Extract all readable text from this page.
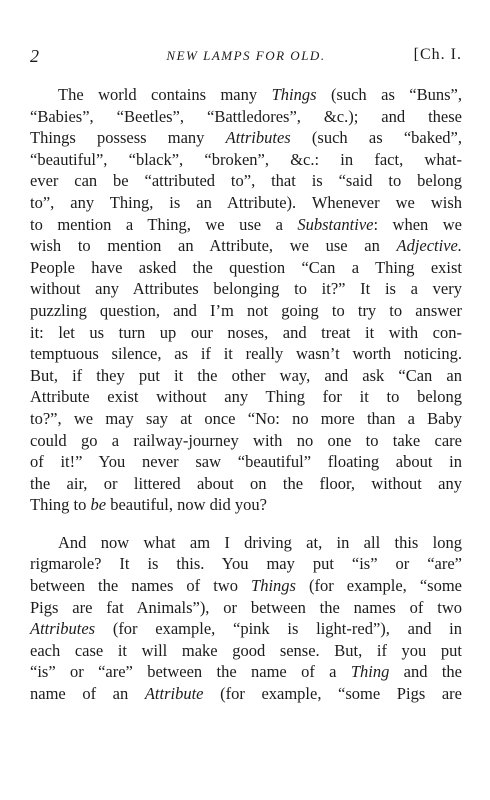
2	NEW LAMPS FOR OLD.	[Ch. I.
The world contains many Things (such as “Buns”,
“Babies”, “Beetles”, “Battledores”, &c.); and these
Things possess many Attributes (such as “baked”,
“beautiful”, “black”, “broken”, &c.: in fact, what-
ever can be “attributed to”, that is “said to belong
to”, any Thing, is an Attribute). Whenever we wish
to mention a Thing, we use a Substantive: when we
wish to mention an Attribute, we use an Adjective.
People have asked the question “Can a Thing exist
without any Attributes belonging to it?” It is a very
puzzling question, and I’m not going to try to answer
it: let us turn up our noses, and treat it with con-
temptuous silence, as if it really wasn’t worth noticing.
But, if they put it the other way, and ask “Can an
Attribute exist without any Thing for it to belong
to?”, we may say at once “No: no more than a Baby
could go a railway-journey with no one to take care
of it!” You never saw “beautiful” floating about in
the air, or littered about on the floor, without any
Thing to be beautiful, now did you?
And now what am I driving at, in all this long
rigmarole? It is this. You may put “is” or “are”
between the names of two Things (for example, “some
Pigs are fat Animals”), or between the names of two
Attributes (for example, “pink is light-red”), and in
each case it will make good sense. But, if you put
“is” or “are” between the name of a Thing and the
name of an Attribute (for example, “some Pigs are
